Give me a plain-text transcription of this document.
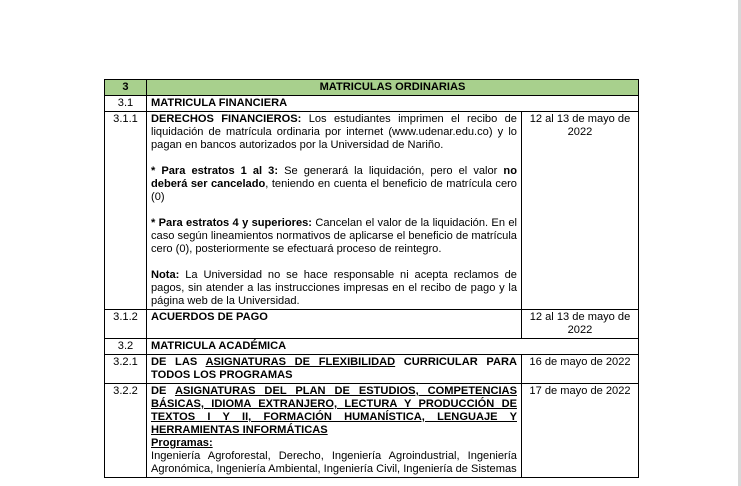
3	MATRICULAS ORDINARIAS	
3.1	MATRICULA FINANCIERA	
3.1.1	DERECHOS FINANCIEROS: Los estudiantes imprimen el recibo de liquidación de matrícula ordinaria por internet (www.udenar.edu.co) y lo pagan en bancos autorizados por la Universidad de Nariño.

* Para estratos 1 al 3: Se generará la liquidación, pero el valor no deberá ser cancelado, teniendo en cuenta el beneficio de matrícula cero (0)

* Para estratos 4 y superiores: Cancelan el valor de la liquidación. En el caso según lineamientos normativos de aplicarse el beneficio de matrícula cero (0), posteriormente se efectuará proceso de reintegro.

Nota: La Universidad no se hace responsable ni acepta reclamos de pagos, sin atender a las instrucciones impresas en el recibo de pago y la página web de la Universidad.	12 al 13 de mayo de 2022
3.1.2	ACUERDOS DE PAGO	12 al 13 de mayo de 2022
3.2	MATRICULA ACADÉMICA	
3.2.1	DE LAS ASIGNATURAS DE FLEXIBILIDAD CURRICULAR PARA TODOS LOS PROGRAMAS	16 de mayo de 2022
3.2.2	DE ASIGNATURAS DEL PLAN DE ESTUDIOS, COMPETENCIAS BÁSICAS, IDIOMA EXTRANJERO, LECTURA Y PRODUCCIÓN DE TEXTOS I Y II, FORMACIÓN HUMANÍSTICA, LENGUAJE Y HERRAMIENTAS INFORMÁTICAS

Programas:

Ingeniería Agroforestal, Derecho, Ingeniería Agroindustrial, Ingeniería Agronómica, Ingeniería Ambiental, Ingeniería Civil, Ingeniería de Sistemas	17 de mayo de 2022
